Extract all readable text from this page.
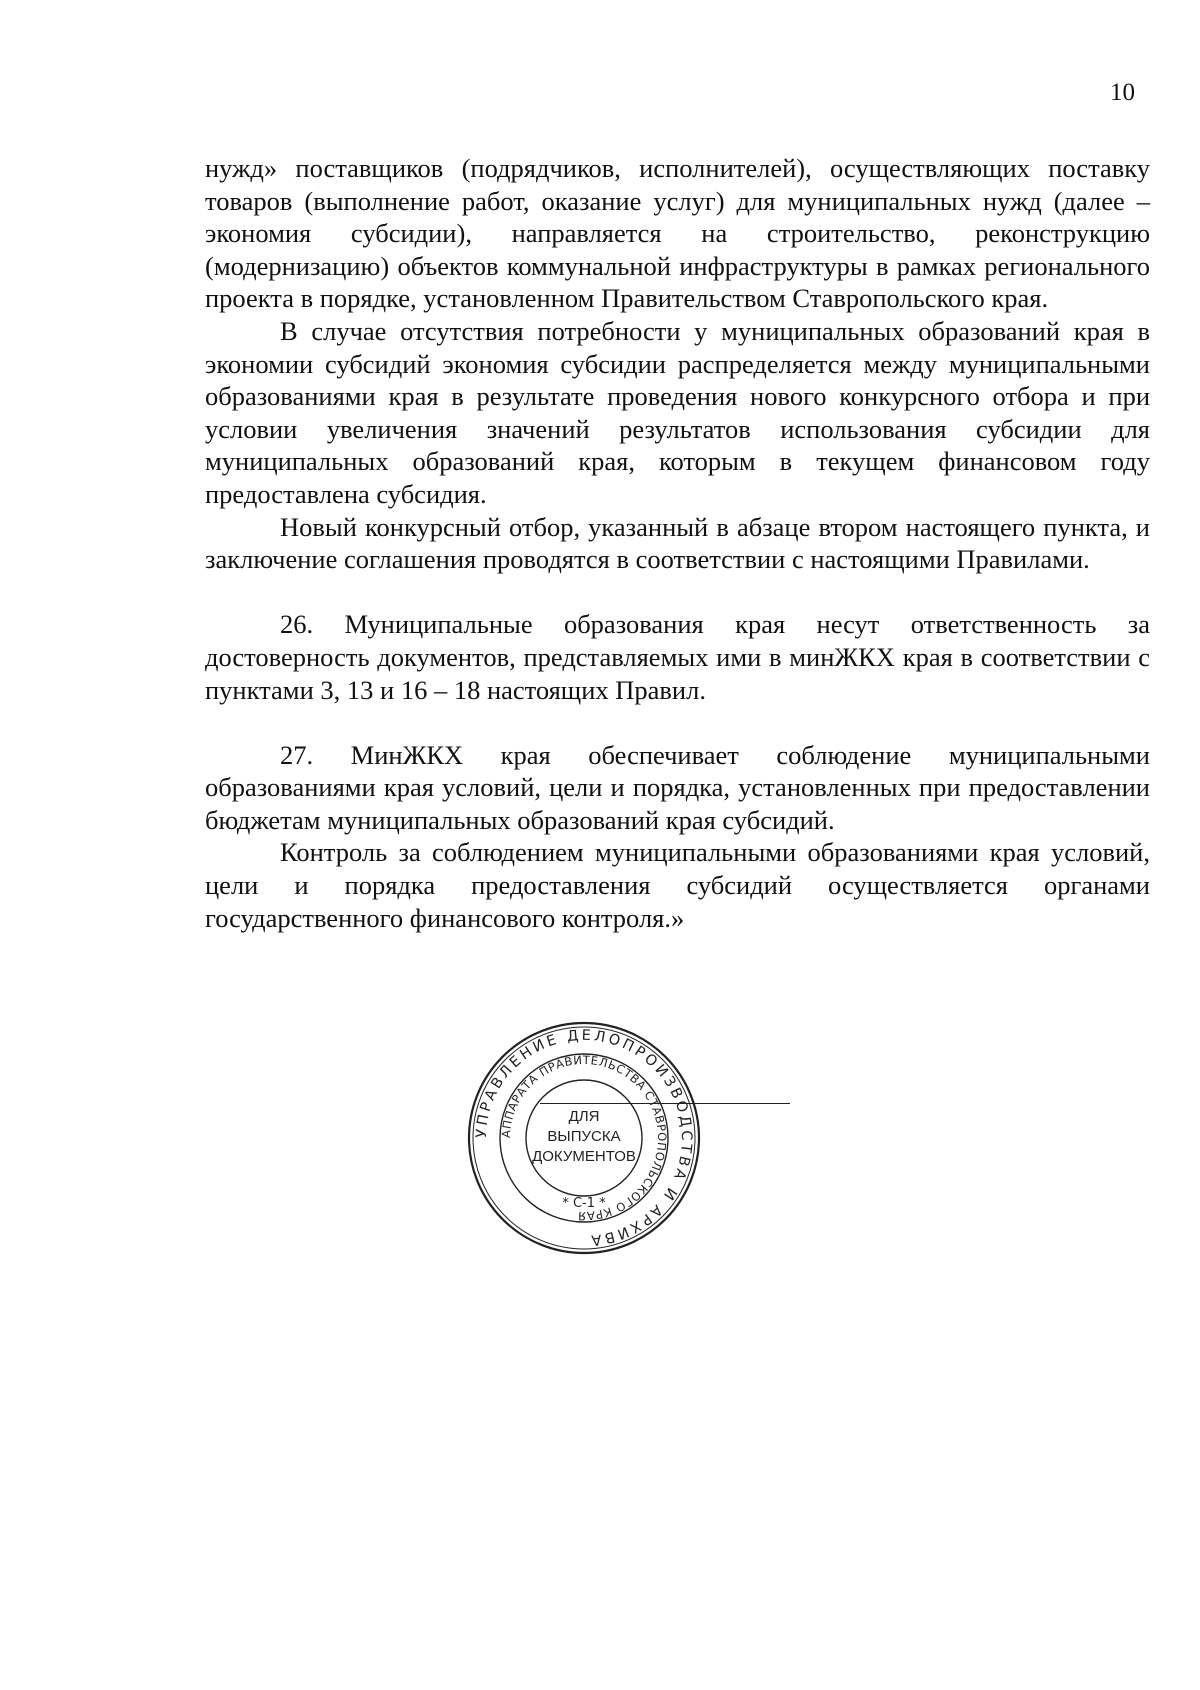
10

нужд» поставщиков (подрядчиков, исполнителей), осуществляющих поставку товаров (выполнение работ, оказание услуг) для муниципальных нужд (далее – экономия субсидии), направляется на строительство, реконструкцию (модернизацию) объектов коммунальной инфраструктуры в рамках регионального проекта в порядке, установленном Правительством Ставропольского края.

В случае отсутствия потребности у муниципальных образований края в экономии субсидий экономия субсидии распределяется между муниципальными образованиями края в результате проведения нового конкурсного отбора и при условии увеличения значений результатов использования субсидии для муниципальных образований края, которым в текущем финансовом году предоставлена субсидия.

Новый конкурсный отбор, указанный в абзаце втором настоящего пункта, и заключение соглашения проводятся в соответствии с настоящими Правилами.

26. Муниципальные образования края несут ответственность за достоверность документов, представляемых ими в минЖКХ края в соответствии с пунктами 3, 13 и 16 – 18 настоящих Правил.

27. МинЖКХ края обеспечивает соблюдение муниципальными образованиями края условий, цели и порядка, установленных при предоставлении бюджетам муниципальных образований края субсидий.

Контроль за соблюдением муниципальными образованиями края условий, цели и порядка предоставления субсидий осуществляется органами государственного финансового контроля.»

УПРАВЛЕНИЕ ДЕЛОПРОИЗВОДСТВА И АРХИВА
АППАРАТА ПРАВИТЕЛЬСТВА СТАВРОПОЛЬСКОГО КРАЯ
ДЛЯ
ВЫПУСКА
ДОКУМЕНТОВ
* С-1 *
